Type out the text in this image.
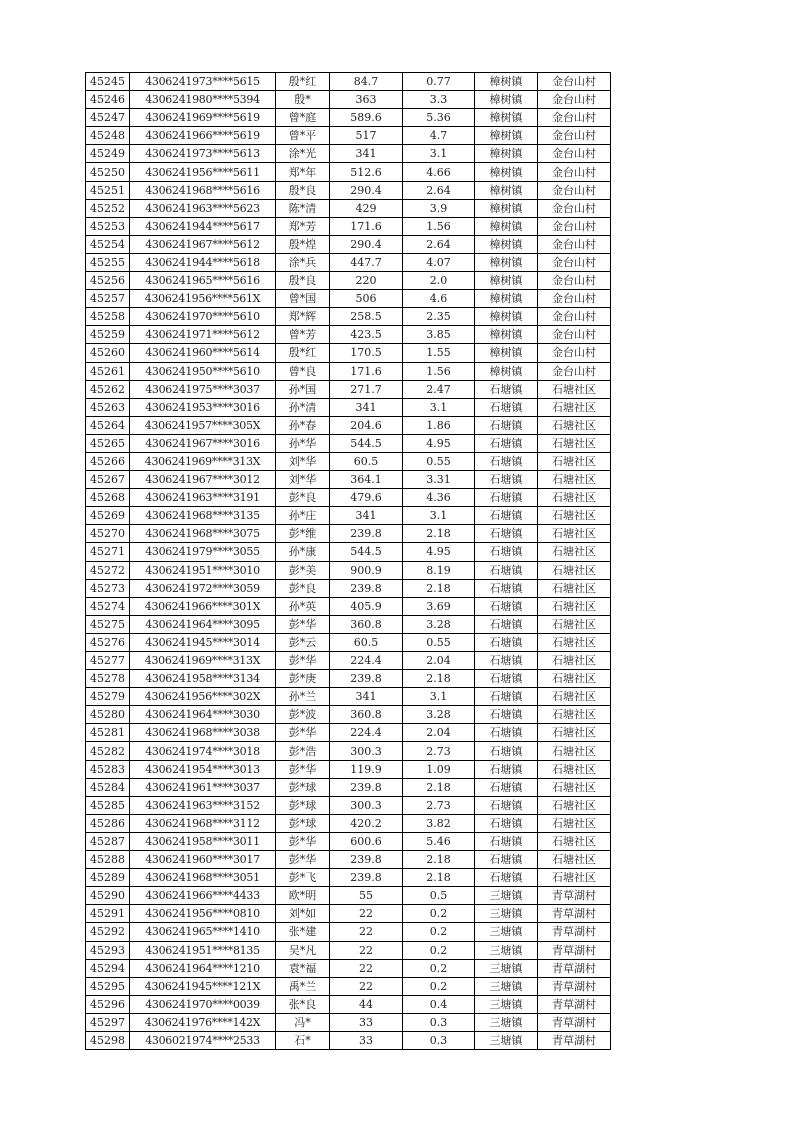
45245	4306241973****5615	殷*红	84.7	0.77	樟树镇	金台山村
45246	4306241980****5394	殷*	363	3.3	樟树镇	金台山村
45247	4306241969****5619	曾*庭	589.6	5.36	樟树镇	金台山村
45248	4306241966****5619	曾*平	517	4.7	樟树镇	金台山村
45249	4306241973****5613	涂*光	341	3.1	樟树镇	金台山村
45250	4306241956****5611	郑*年	512.6	4.66	樟树镇	金台山村
45251	4306241968****5616	殷*良	290.4	2.64	樟树镇	金台山村
45252	4306241963****5623	陈*清	429	3.9	樟树镇	金台山村
45253	4306241944****5617	郑*芳	171.6	1.56	樟树镇	金台山村
45254	4306241967****5612	殷*煌	290.4	2.64	樟树镇	金台山村
45255	4306241944****5618	涂*兵	447.7	4.07	樟树镇	金台山村
45256	4306241965****5616	殷*良	220	2.0	樟树镇	金台山村
45257	4306241956****561X	曾*国	506	4.6	樟树镇	金台山村
45258	4306241970****5610	郑*辉	258.5	2.35	樟树镇	金台山村
45259	4306241971****5612	曾*芳	423.5	3.85	樟树镇	金台山村
45260	4306241960****5614	殷*红	170.5	1.55	樟树镇	金台山村
45261	4306241950****5610	曾*良	171.6	1.56	樟树镇	金台山村
45262	4306241975****3037	孙*国	271.7	2.47	石塘镇	石塘社区
45263	4306241953****3016	孙*清	341	3.1	石塘镇	石塘社区
45264	4306241957****305X	孙*春	204.6	1.86	石塘镇	石塘社区
45265	4306241967****3016	孙*华	544.5	4.95	石塘镇	石塘社区
45266	4306241969****313X	刘*华	60.5	0.55	石塘镇	石塘社区
45267	4306241967****3012	刘*华	364.1	3.31	石塘镇	石塘社区
45268	4306241963****3191	彭*良	479.6	4.36	石塘镇	石塘社区
45269	4306241968****3135	孙*庄	341	3.1	石塘镇	石塘社区
45270	4306241968****3075	彭*维	239.8	2.18	石塘镇	石塘社区
45271	4306241979****3055	孙*康	544.5	4.95	石塘镇	石塘社区
45272	4306241951****3010	彭*美	900.9	8.19	石塘镇	石塘社区
45273	4306241972****3059	彭*良	239.8	2.18	石塘镇	石塘社区
45274	4306241966****301X	孙*英	405.9	3.69	石塘镇	石塘社区
45275	4306241964****3095	彭*华	360.8	3.28	石塘镇	石塘社区
45276	4306241945****3014	彭*云	60.5	0.55	石塘镇	石塘社区
45277	4306241969****313X	彭*华	224.4	2.04	石塘镇	石塘社区
45278	4306241958****3134	彭*庚	239.8	2.18	石塘镇	石塘社区
45279	4306241956****302X	孙*兰	341	3.1	石塘镇	石塘社区
45280	4306241964****3030	彭*波	360.8	3.28	石塘镇	石塘社区
45281	4306241968****3038	彭*华	224.4	2.04	石塘镇	石塘社区
45282	4306241974****3018	彭*浩	300.3	2.73	石塘镇	石塘社区
45283	4306241954****3013	彭*华	119.9	1.09	石塘镇	石塘社区
45284	4306241961****3037	彭*球	239.8	2.18	石塘镇	石塘社区
45285	4306241963****3152	彭*球	300.3	2.73	石塘镇	石塘社区
45286	4306241968****3112	彭*球	420.2	3.82	石塘镇	石塘社区
45287	4306241958****3011	彭*华	600.6	5.46	石塘镇	石塘社区
45288	4306241960****3017	彭*华	239.8	2.18	石塘镇	石塘社区
45289	4306241968****3051	彭*飞	239.8	2.18	石塘镇	石塘社区
45290	4306241966****4433	欧*明	55	0.5	三塘镇	青草湖村
45291	4306241956****0810	刘*如	22	0.2	三塘镇	青草湖村
45292	4306241965****1410	张*建	22	0.2	三塘镇	青草湖村
45293	4306241951****8135	吴*凡	22	0.2	三塘镇	青草湖村
45294	4306241964****1210	袁*福	22	0.2	三塘镇	青草湖村
45295	4306241945****121X	禹*兰	22	0.2	三塘镇	青草湖村
45296	4306241970****0039	张*良	44	0.4	三塘镇	青草湖村
45297	4306241976****142X	冯*	33	0.3	三塘镇	青草湖村
45298	4306021974****2533	石*	33	0.3	三塘镇	青草湖村
